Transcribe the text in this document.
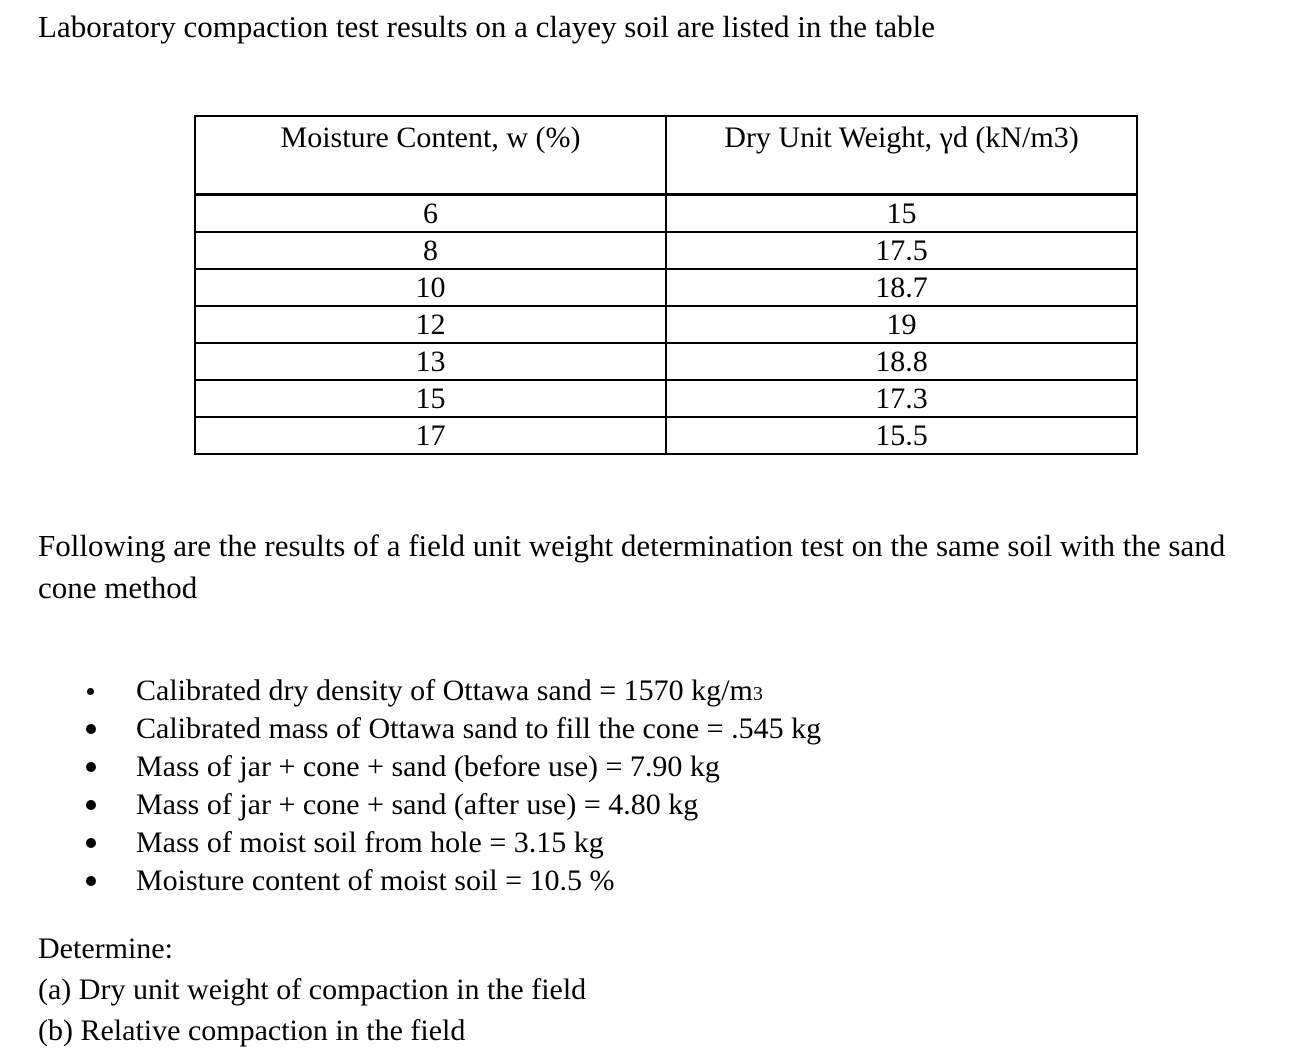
Laboratory compaction test results on a clayey soil are listed in the table

Moisture Content, w (%)	Dry Unit Weight, γd (kN/m3)
6	15
8	17.5
10	18.7
12	19
13	18.8
15	17.3
17	15.5

Following are the results of a field unit weight determination test on the same soil with the sand cone method

Calibrated dry density of Ottawa sand = 1570 kg/m3
Calibrated mass of Ottawa sand to fill the cone = .545 kg
Mass of jar + cone + sand (before use) = 7.90 kg
Mass of jar + cone + sand (after use) = 4.80 kg
Mass of moist soil from hole = 3.15 kg
Moisture content of moist soil = 10.5 %
Determine:
(a) Dry unit weight of compaction in the field
(b) Relative compaction in the field
